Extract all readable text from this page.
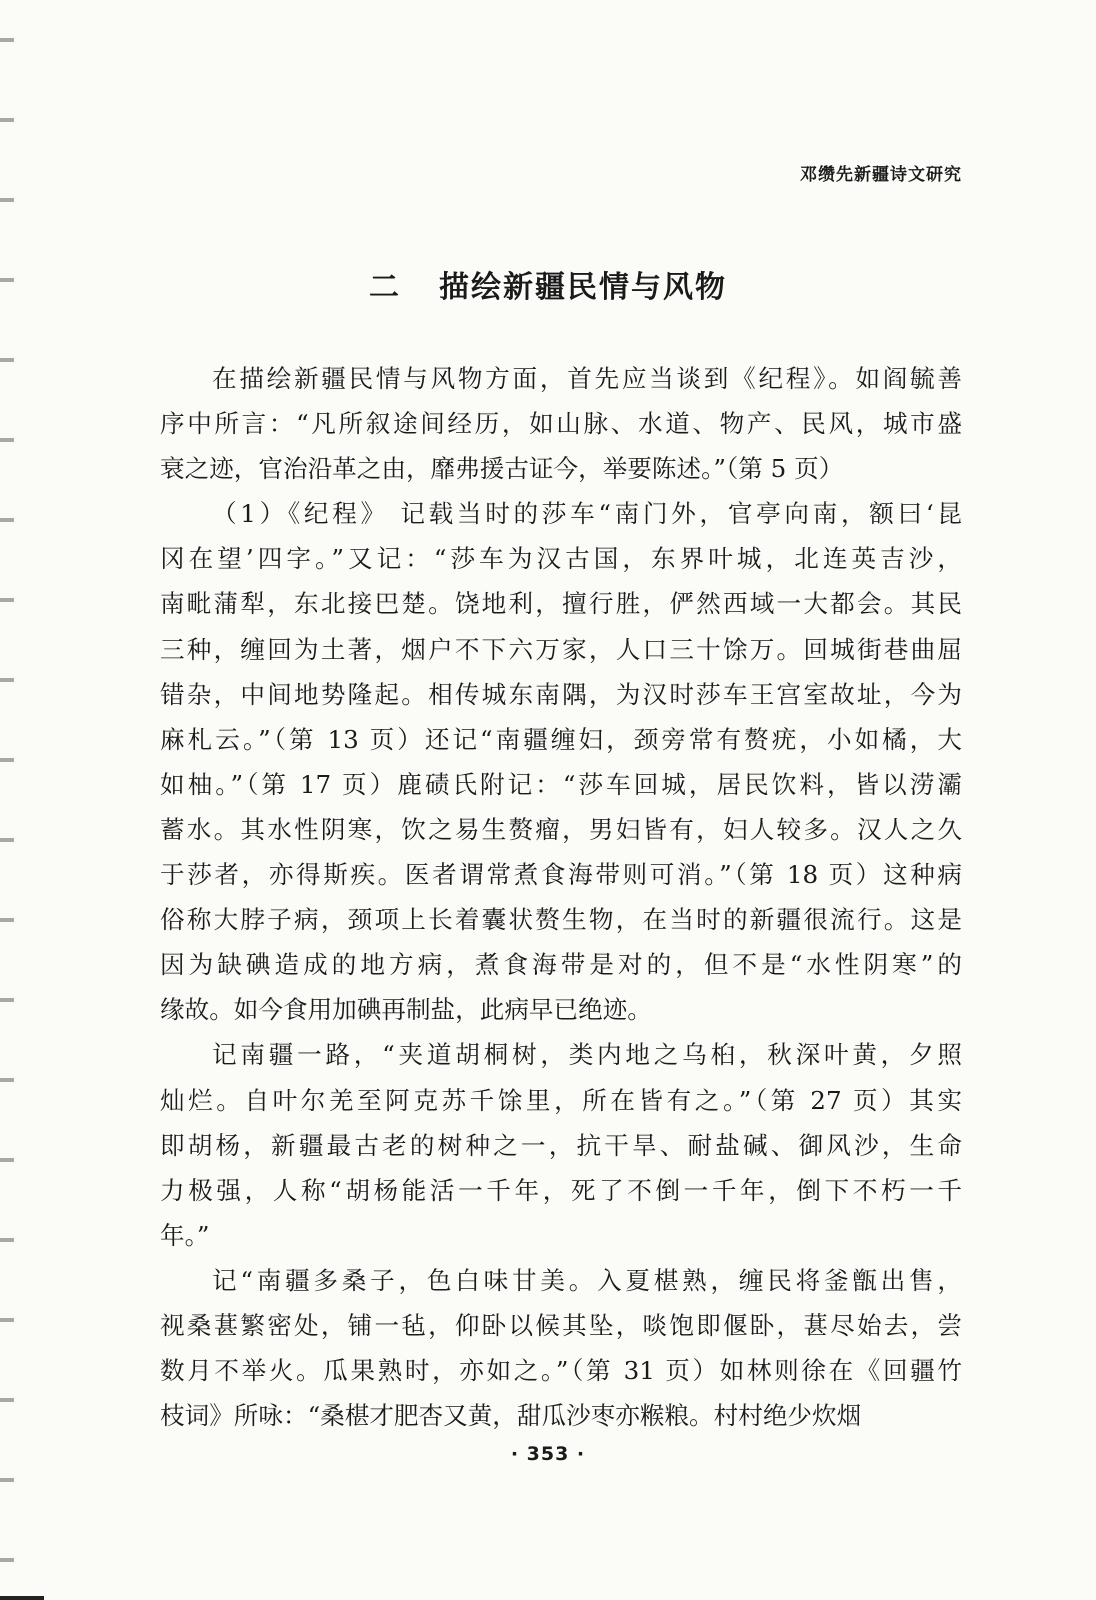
邓缵先新疆诗文研究
二 描绘新疆民情与风物

在描绘新疆民情与风物方面，首先应当谈到《纪程》。如阎毓善
序中所言：“凡所叙途间经历，如山脉、水道、物产、民风，城市盛
衰之迹，官治沿革之由，靡弗援古证今，举要陈述。”（第 5 页）

（1）《纪程》 记载当时的莎车“南门外，官亭向南，额曰‘昆
冈在望’四字。”又记：“莎车为汉古国，东界叶城，北连英吉沙，
南毗蒲犁，东北接巴楚。饶地利，擅行胜，俨然西域一大都会。其民
三种，缠回为土著，烟户不下六万家，人口三十馀万。回城街巷曲屈
错杂，中间地势隆起。相传城东南隅，为汉时莎车王宫室故址，今为
麻札云。”（第 13 页）还记“南疆缠妇，颈旁常有赘疣，小如橘，大
如柚。”（第 17 页）鹿碛氏附记：“莎车回城，居民饮料，皆以涝灞
蓄水。其水性阴寒，饮之易生赘瘤，男妇皆有，妇人较多。汉人之久
于莎者，亦得斯疾。医者谓常煮食海带则可消。”（第 18 页）这种病
俗称大脖子病，颈项上长着囊状赘生物，在当时的新疆很流行。这是
因为缺碘造成的地方病，煮食海带是对的，但不是“水性阴寒”的
缘故。如今食用加碘再制盐，此病早已绝迹。

记南疆一路，“夹道胡桐树，类内地之乌桕，秋深叶黄，夕照
灿烂。自叶尔羌至阿克苏千馀里，所在皆有之。”（第 27 页）其实
即胡杨，新疆最古老的树种之一，抗干旱、耐盐碱、御风沙，生命
力极强，人称“胡杨能活一千年，死了不倒一千年，倒下不朽一千
年。”

记“南疆多桑子，色白味甘美。入夏椹熟，缠民将釜甑出售，
视桑葚繁密处，铺一毡，仰卧以候其坠，啖饱即偃卧，葚尽始去，尝
数月不举火。瓜果熟时，亦如之。”（第 31 页）如林则徐在《回疆竹
枝词》所咏：“桑椹才肥杏又黄，甜瓜沙枣亦糇粮。村村绝少炊烟

· 353 ·
